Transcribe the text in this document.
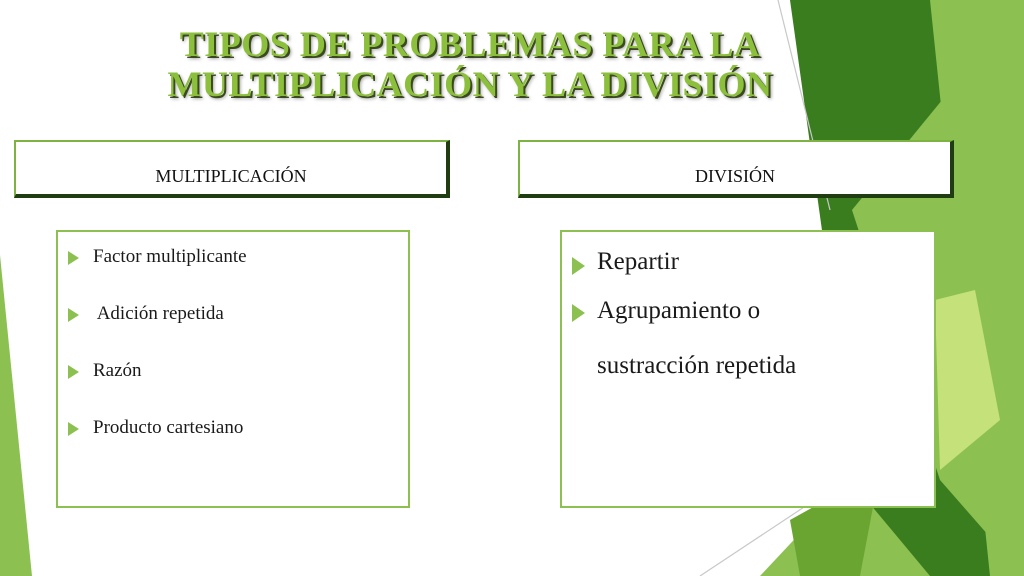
TIPOS DE PROBLEMAS PARA LA
MULTIPLICACIÓN Y LA DIVISIÓN
MULTIPLICACIÓN	DIVISIÓN
Factor multiplicante
Adición repetida
Razón
Producto cartesiano
Repartir
Agrupamiento o sustracción repetida
